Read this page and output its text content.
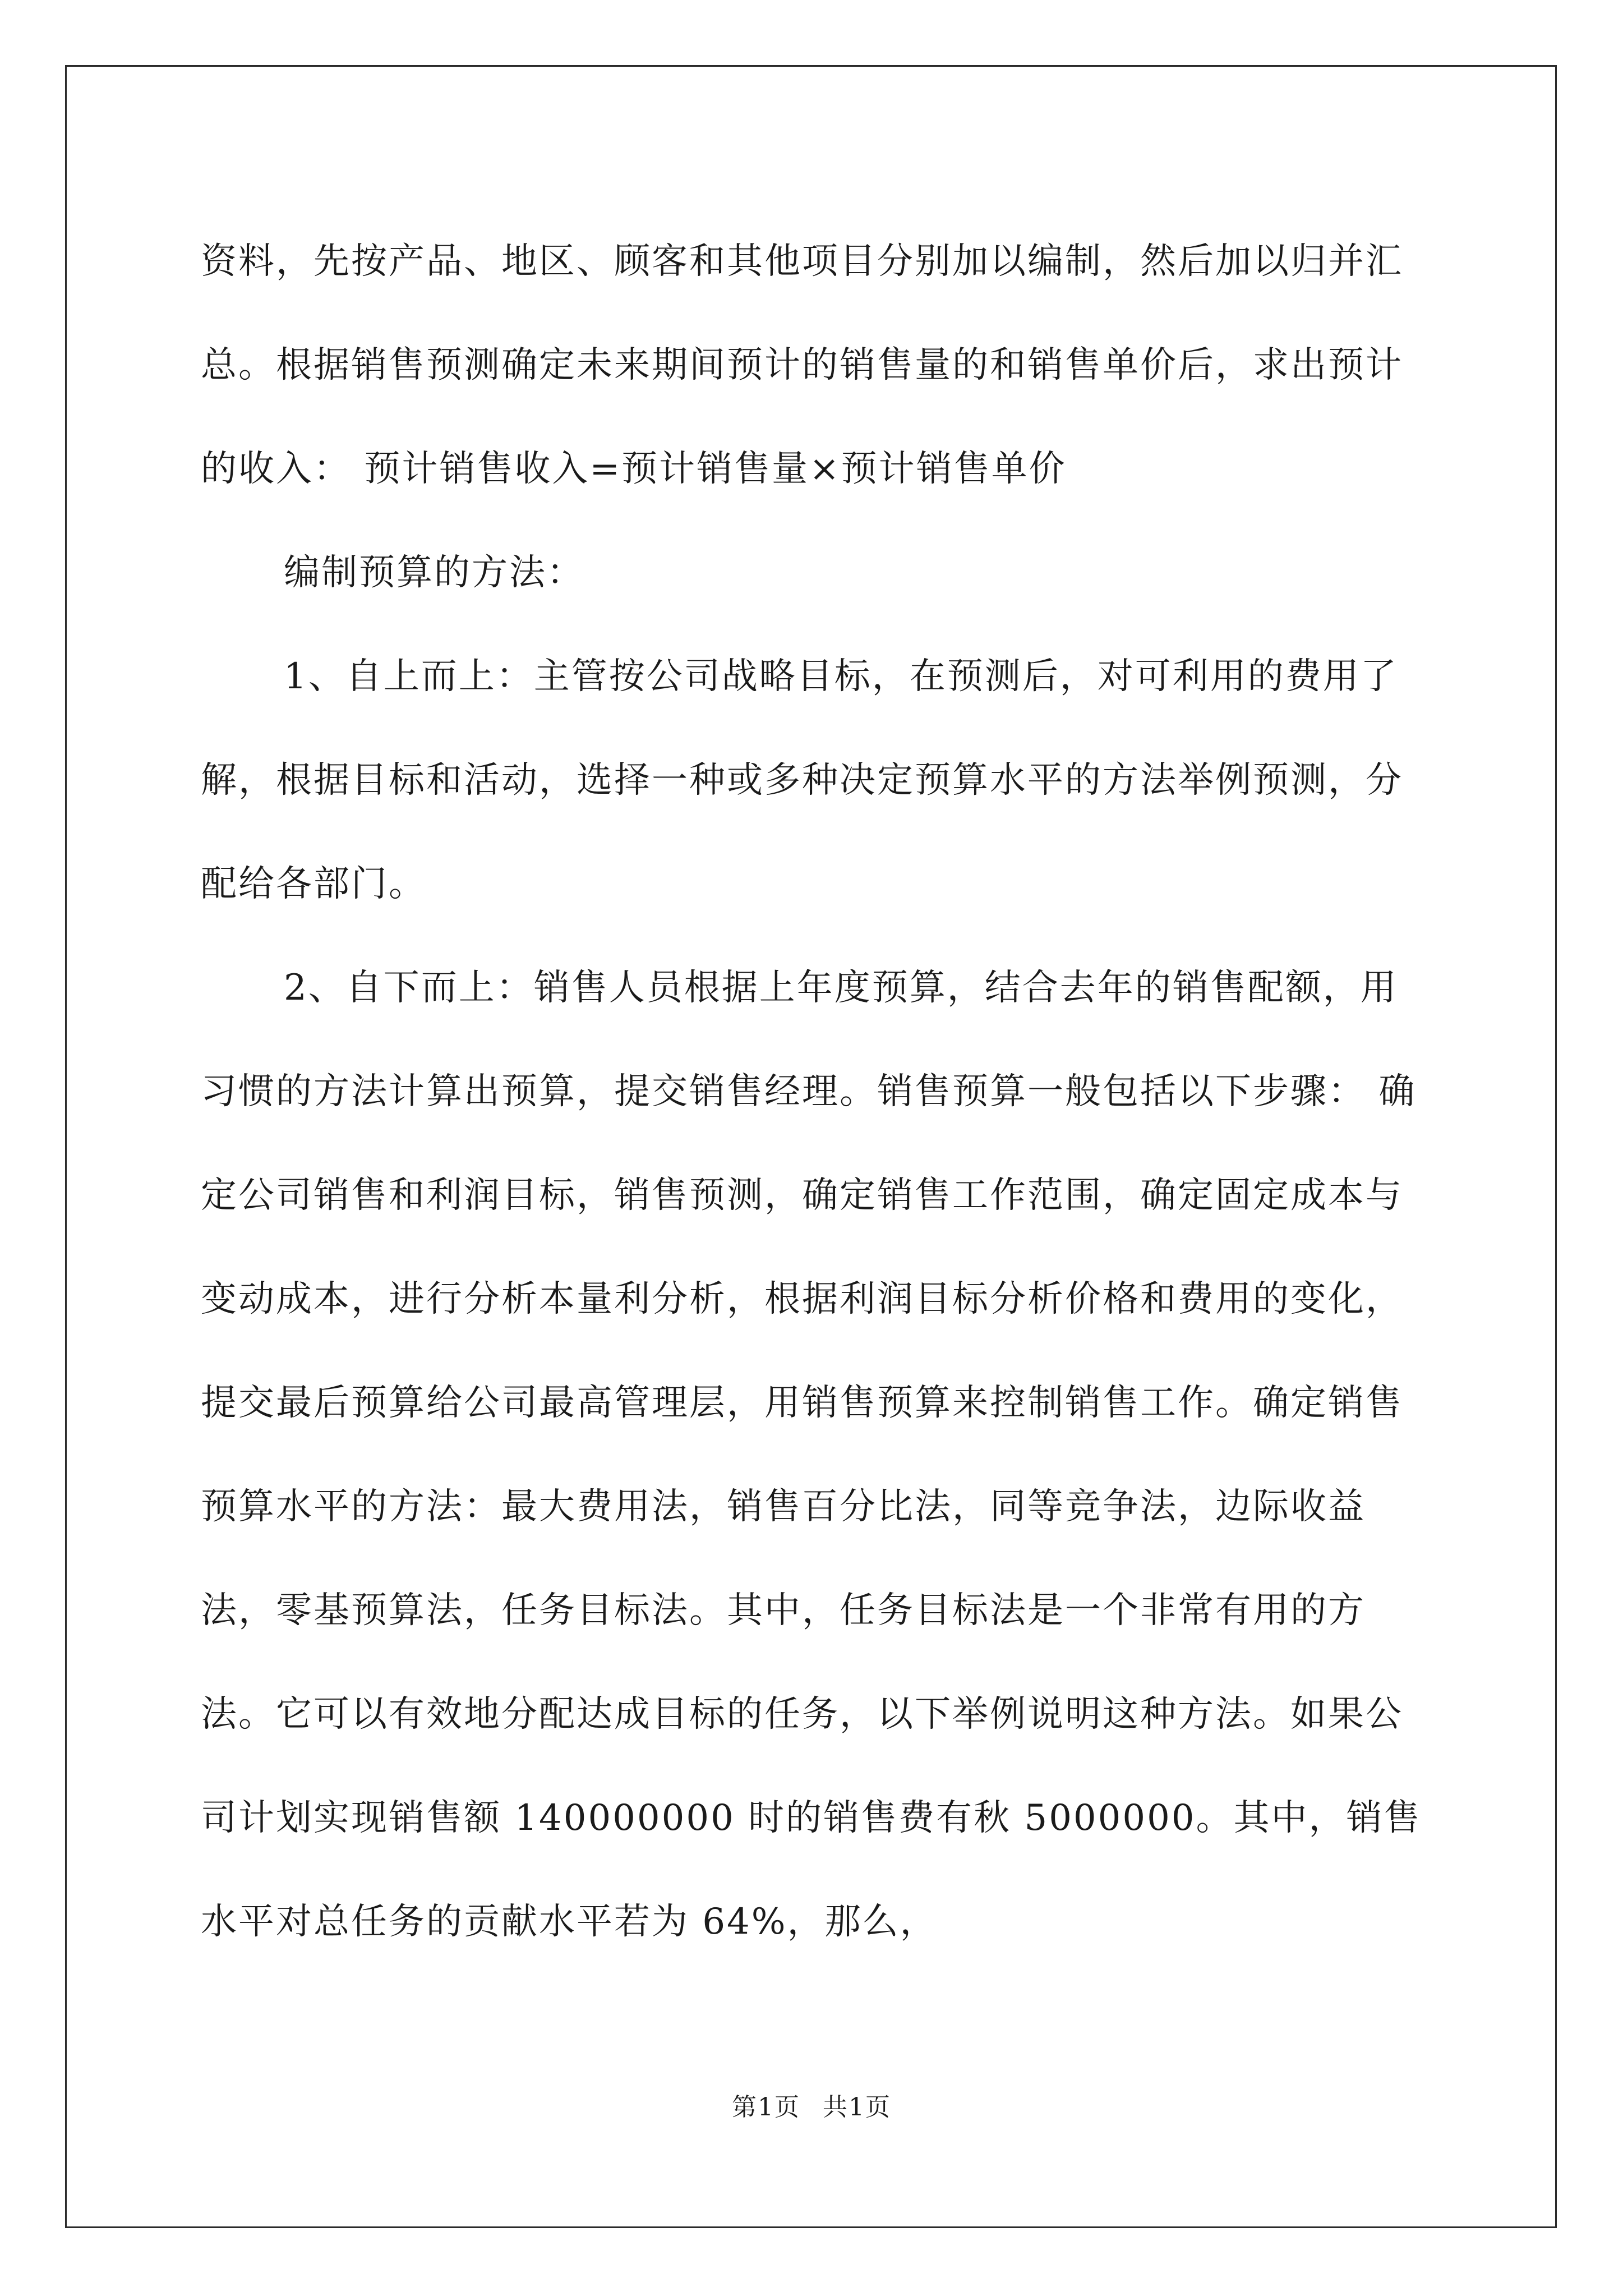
资料，先按产品、地区、顾客和其他项目分别加以编制，然后加以归并汇总。根据销售预测确定未来期间预计的销售量的和销售单价后，求出预计的收入： 预计销售收入=预计销售量×预计销售单价

编制预算的方法：

1、自上而上：主管按公司战略目标，在预测后，对可利用的费用了解，根据目标和活动，选择一种或多种决定预算水平的方法举例预测，分配给各部门。

2、自下而上：销售人员根据上年度预算，结合去年的销售配额，用习惯的方法计算出预算，提交销售经理。销售预算一般包括以下步骤： 确定公司销售和利润目标，销售预测，确定销售工作范围，确定固定成本与变动成本，进行分析本量利分析，根据利润目标分析价格和费用的变化，提交最后预算给公司最高管理层，用销售预算来控制销售工作。确定销售预算水平的方法：最大费用法，销售百分比法，同等竞争法，边际收益法，零基预算法，任务目标法。其中，任务目标法是一个非常有用的方法。它可以有效地分配达成目标的任务，以下举例说明这种方法。如果公司计划实现销售额 140000000 时的销售费有秋 5000000。其中，销售水平对总任务的贡献水平若为 64%，那么，

第1页 共1页
